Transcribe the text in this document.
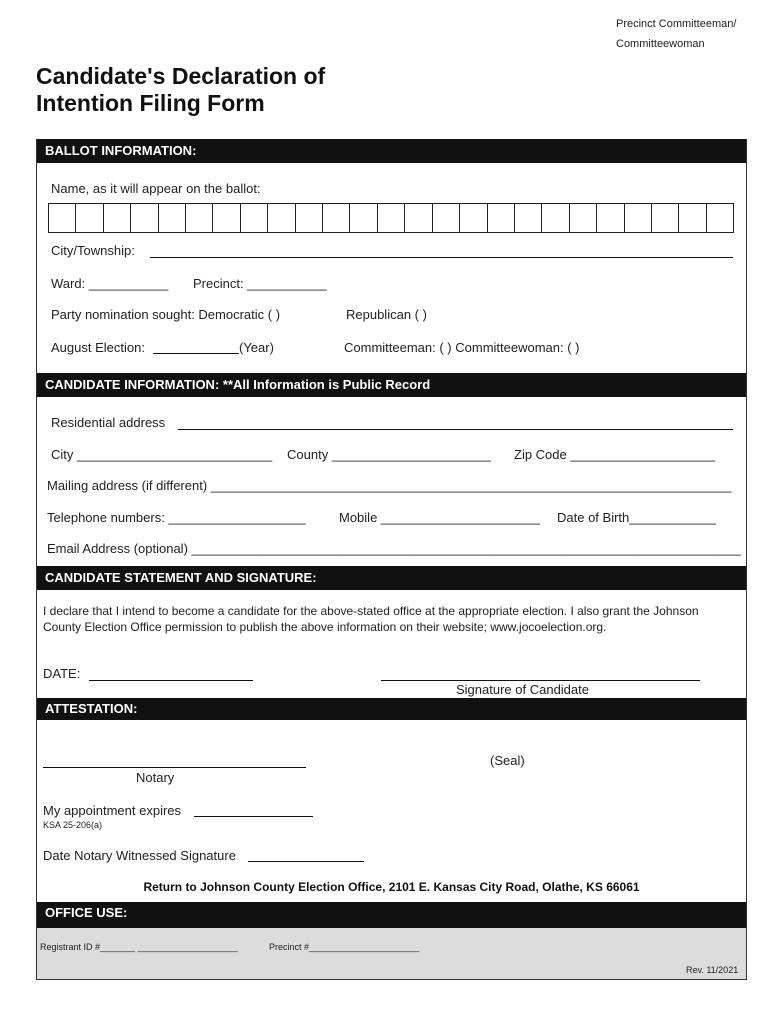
Precinct Committeeman/
Committeewoman
Candidate's Declaration of
Intention Filing Form
BALLOT INFORMATION:
Name, as it will appear on the ballot:
City/Township:
Ward: ___________ Precinct: ___________
Party nomination sought: Democratic ( )	Republican ( )
August Election:	(Year)	Committeeman: ( ) Committeewoman: ( )
CANDIDATE INFORMATION: **All Information is Public Record
Residential address
City ___________________________ County ______________________ Zip Code ____________________
Mailing address (if different) ________________________________________________________________________
Telephone numbers: ___________________	Mobile ______________________ Date of Birth____________
Email Address (optional) ____________________________________________________________________________
CANDIDATE STATEMENT AND SIGNATURE:
I declare that I intend to become a candidate for the above-stated office at the appropriate election. I also grant the Johnson County Election Office permission to publish the above information on their website; www.jocoelection.org.
DATE:
Signature of Candidate
ATTESTATION:
(Seal)
Notary
My appointment expires
KSA 25-206(a)
Date Notary Witnessed Signature
Return to Johnson County Election Office, 2101 E. Kansas City Road, Olathe, KS 66061
OFFICE USE:
Registrant ID #_______ ____________________	Precinct #______________________
Rev. 11/2021
